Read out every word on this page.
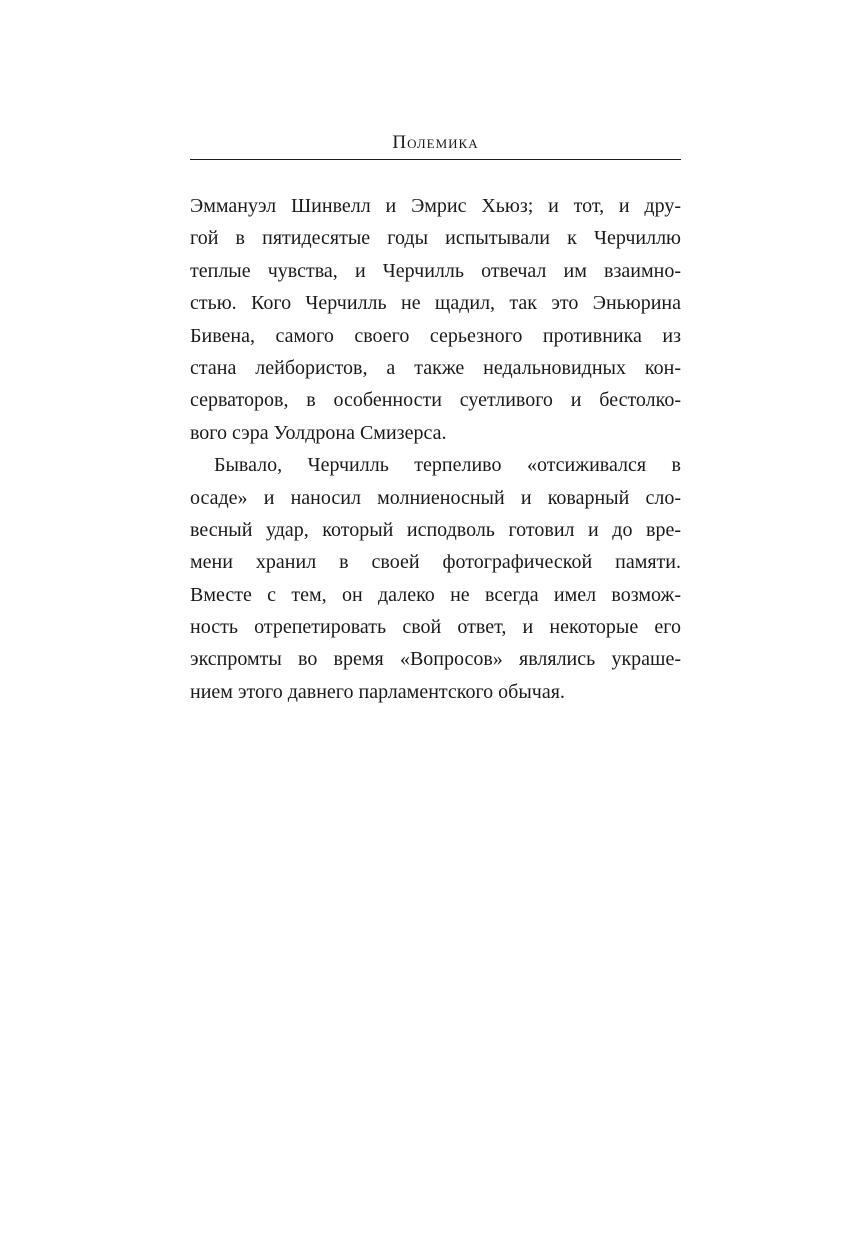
Полемика
Эммануэл Шинвелл и Эмрис Хьюз; и тот, и дру-
гой в пятидесятые годы испытывали к Черчиллю
теплые чувства, и Черчилль отвечал им взаимно-
стью. Кого Черчилль не щадил, так это Эньюрина
Бивена, самого своего серьезного противника из
стана лейбористов, а также недальновидных кон-
серваторов, в особенности суетливого и бестолко-
вого сэра Уолдрона Смизерса.
Бывало, Черчилль терпеливо «отсиживался в
осаде» и наносил молниеносный и коварный сло-
весный удар, который исподволь готовил и до вре-
мени хранил в своей фотографической памяти.
Вместе с тем, он далеко не всегда имел возмож-
ность отрепетировать свой ответ, и некоторые его
экспромты во время «Вопросов» являлись украше-
нием этого давнего парламентского обычая.
